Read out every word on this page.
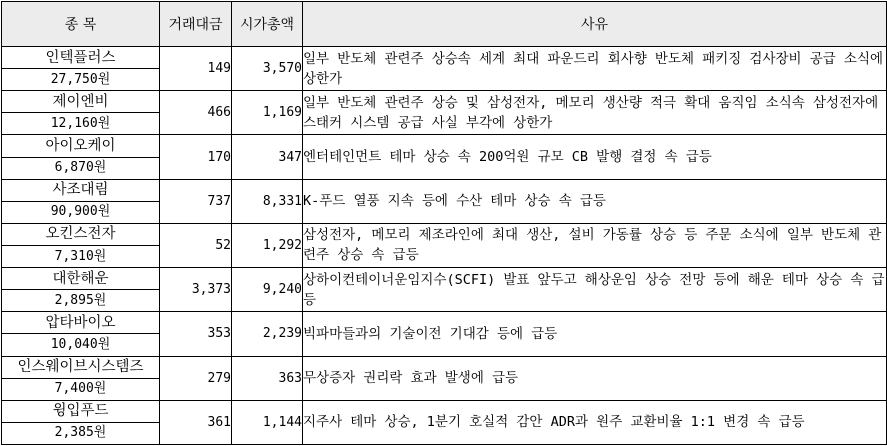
종 목	거래대금	시가총액	사유
인텍플러스	149	3,570	일부 반도체 관련주 상승속 세계 최대 파운드리 회사향 반도체 패키징 검사장비 공급 소식에 상한가
27,750원			
제이엔비	466	1,169	일부 반도체 관련주 상승 및 삼성전자, 메모리 생산량 적극 확대 움직임 소식속 삼성전자에 스태커 시스템 공급 사실 부각에 상한가
12,160원			
아이오케이	170	347	엔터테인먼트 테마 상승 속 200억원 규모 CB 발행 결정 속 급등
6,870원			
사조대림	737	8,331	K-푸드 열풍 지속 등에 수산 테마 상승 속 급등
90,900원			
오킨스전자	52	1,292	삼성전자, 메모리 제조라인에 최대 생산, 설비 가동률 상승 등 주문 소식에 일부 반도체 관련주 상승 속 급등
7,310원			
대한해운	3,373	9,240	상하이컨테이너운임지수(SCFI) 발표 앞두고 해상운임 상승 전망 등에 해운 테마 상승 속 급등
2,895원			
압타바이오	353	2,239	빅파마들과의 기술이전 기대감 등에 급등
10,040원			
인스웨이브시스템즈	279	363	무상증자 권리락 효과 발생에 급등
7,400원			
윙입푸드	361	1,144	지주사 테마 상승, 1분기 호실적 감안 ADR과 원주 교환비율 1:1 변경 속 급등
2,385원			
